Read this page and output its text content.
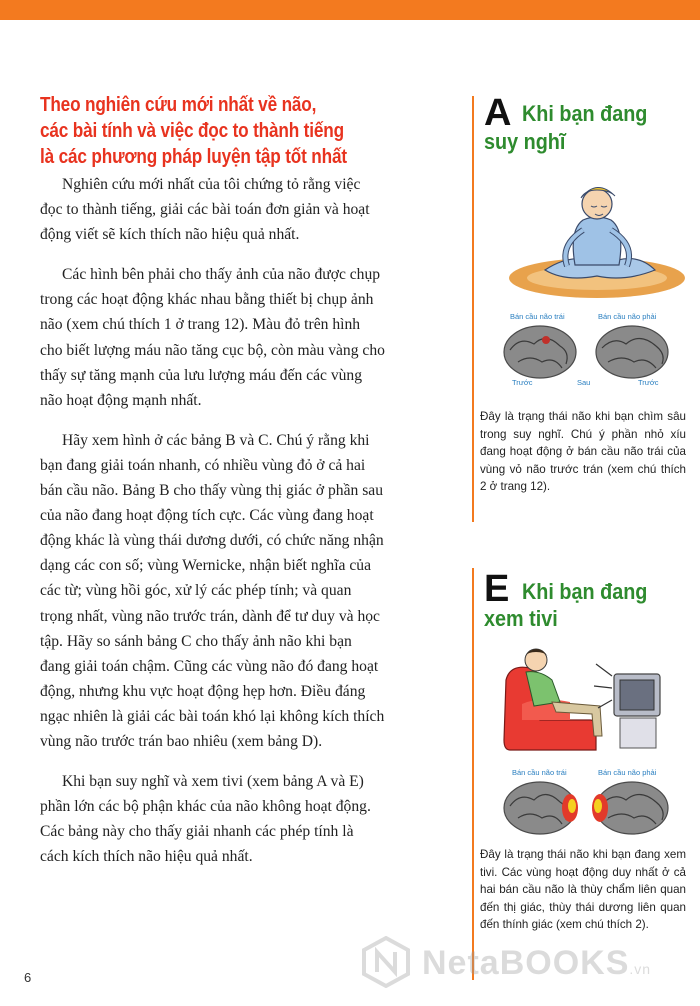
Theo nghiên cứu mới nhất về não,
các bài tính và việc đọc to thành tiếng
là các phương pháp luyện tập tốt nhất

Nghiên cứu mới nhất của tôi chứng tỏ rằng việc đọc to thành tiếng, giải các bài toán đơn giản và hoạt động viết sẽ kích thích não hiệu quả nhất.

Các hình bên phải cho thấy ảnh của não được chụp trong các hoạt động khác nhau bằng thiết bị chụp ảnh não (xem chú thích 1 ở trang 12). Màu đỏ trên hình cho biết lượng máu não tăng cục bộ, còn màu vàng cho thấy sự tăng mạnh của lưu lượng máu đến các vùng não hoạt động mạnh nhất.

Hãy xem hình ở các bảng B và C. Chú ý rằng khi bạn đang giải toán nhanh, có nhiều vùng đỏ ở cả hai bán cầu não. Bảng B cho thấy vùng thị giác ở phần sau của não đang hoạt động tích cực. Các vùng đang hoạt động khác là vùng thái dương dưới, có chức năng nhận dạng các con số; vùng Wernicke, nhận biết nghĩa của các từ; vùng hồi góc, xử lý các phép tính; và quan trọng nhất, vùng não trước trán, dành để tư duy và học tập. Hãy so sánh bảng C cho thấy ảnh não khi bạn đang giải toán chậm. Cũng các vùng não đó đang hoạt động, nhưng khu vực hoạt động hẹp hơn. Điều đáng ngạc nhiên là giải các bài toán khó lại không kích thích vùng não trước trán bao nhiêu (xem bảng D).

Khi bạn suy nghĩ và xem tivi (xem bảng A và E) phần lớn các bộ phận khác của não không hoạt động. Các bảng này cho thấy giải nhanh các phép tính là cách kích thích não hiệu quả nhất.

6
A Khi bạn đang
suy nghĩ
Bán cầu não trái	Bán cầu não phải
Trước	Sau	Trước
Đây là trạng thái não khi bạn chìm sâu trong suy nghĩ. Chú ý phần nhỏ xíu đang hoạt động ở bán cầu não trái của vùng vỏ não trước trán (xem chú thích 2 ở trang 12).
E Khi bạn đang
xem tivi
Bán cầu não trái	Bán cầu não phải
Đây là trạng thái não khi bạn đang xem tivi. Các vùng hoạt động duy nhất ở cả hai bán cầu não là thùy chẩm liên quan đến thị giác, thùy thái dương liên quan đến thính giác (xem chú thích 2).
NetaBOOKS.vn
